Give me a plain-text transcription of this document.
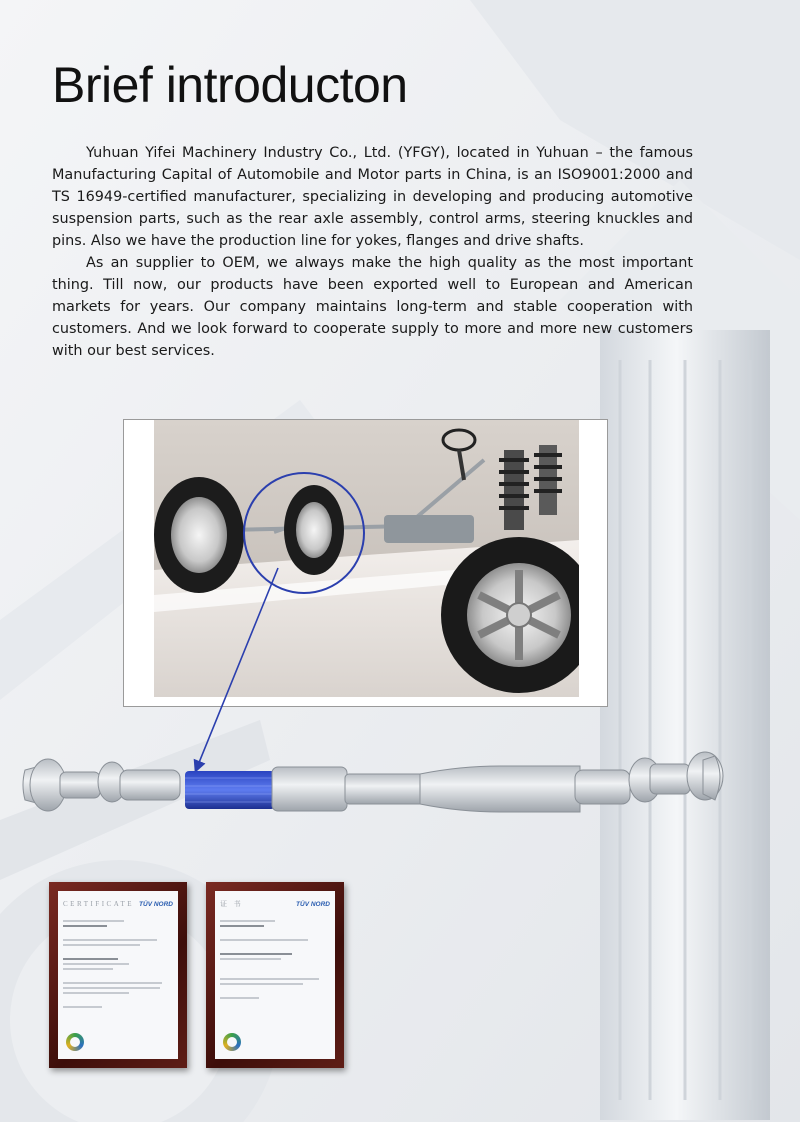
Brief introducton

Yuhuan Yifei Machinery Industry Co., Ltd. (YFGY), located in Yuhuan – the famous Manufacturing Capital of Automobile and Motor parts in China, is an ISO9001:2000 and TS 16949-certified manufacturer, specializing in developing and producing automotive suspension parts, such as the rear axle assembly, control arms, steering knuckles and pins. Also we have the production line for yokes, flanges and drive shafts.

As an supplier to OEM, we always make the high quality as the most important thing. Till now, our products have been exported well to European and American markets for years. Our company maintains long-term and stable cooperation with customers. And we look forward to cooperate supply to more and more new customers with our best services.

CERTIFICATE TÜV NORD	证 书	TÜV NORD
